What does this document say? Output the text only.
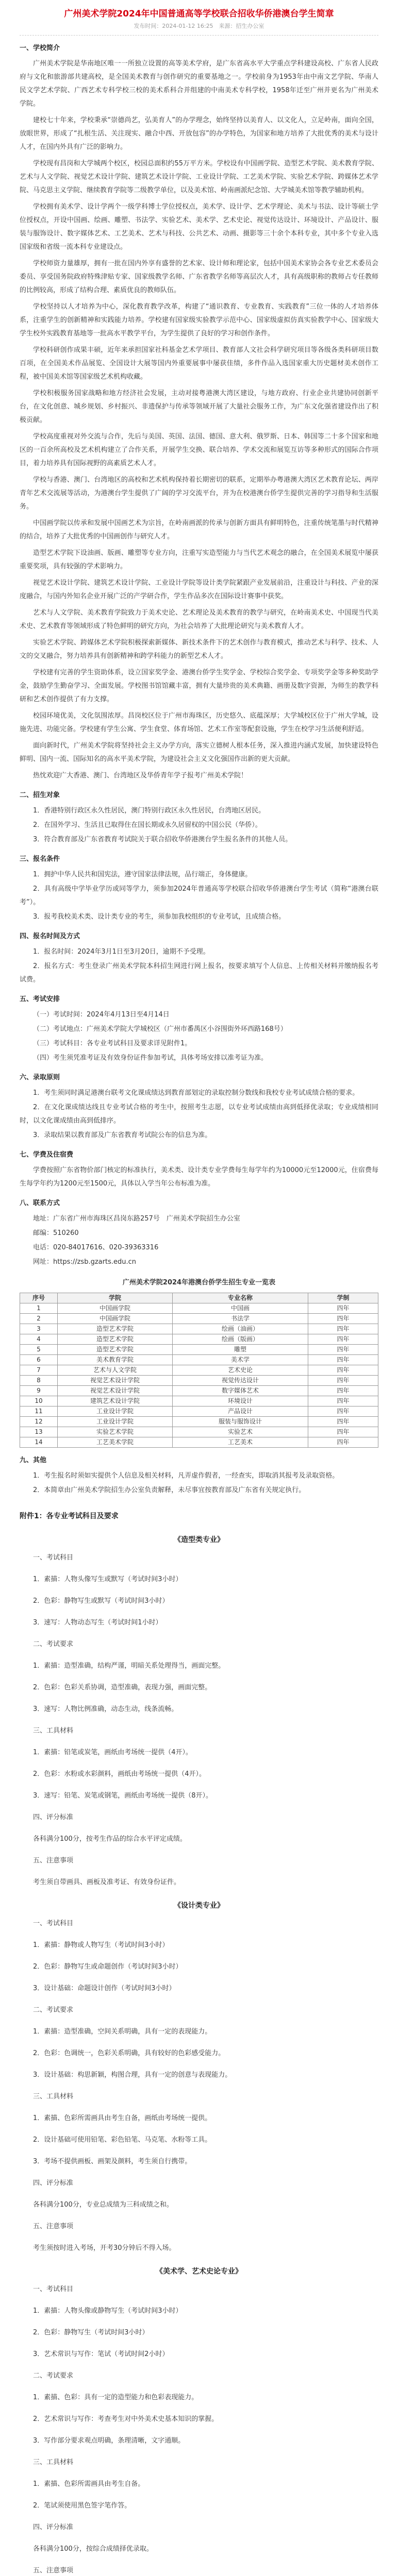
广州美术学院2024年中国普通高等学校联合招收华侨港澳台学生简章
发布时间：2024-01-12 16:25　来源：招生办公室
一、学校简介

广州美术学院是华南地区唯一一所独立设置的高等美术学府，是广东省高水平大学重点学科建设高校、广东省人民政府与文化和旅游部共建高校，是全国美术教育与创作研究的重要基地之一。学校前身为1953年由中南文艺学院、华南人民文学艺术学院、广西艺术专科学校三校的美术系科合并组建的中南美术专科学校，1958年迁至广州并更名为广州美术学院。

建校七十年来，学校秉承“崇德尚艺，弘美育人”的办学理念，始终坚持以美育人、以文化人，立足岭南，面向全国，放眼世界，形成了“扎根生活、关注现实、融合中西、开放包容”的办学特色，为国家和地方培养了大批优秀的美术与设计人才，在国内外具有广泛的影响力。

学校现有昌岗和大学城两个校区，校园总面积约55万平方米。学校设有中国画学院、造型艺术学院、美术教育学院、艺术与人文学院、视觉艺术设计学院、建筑艺术设计学院、工业设计学院、工艺美术学院、实验艺术学院、跨媒体艺术学院、马克思主义学院、继续教育学院等二级教学单位，以及美术馆、岭南画派纪念馆、大学城美术馆等教学辅助机构。

学校拥有美术学、设计学两个一级学科博士学位授权点，美术学、设计学、艺术学理论、美术与书法、设计等硕士学位授权点，开设中国画、绘画、雕塑、书法学、实验艺术、美术学、艺术史论、视觉传达设计、环境设计、产品设计、服装与服饰设计、数字媒体艺术、工艺美术、艺术与科技、公共艺术、动画、摄影等三十余个本科专业，其中多个专业入选国家级和省级一流本科专业建设点。

学校师资力量雄厚，拥有一批在国内外享有盛誉的艺术家、设计师和理论家，包括中国美术家协会各专业艺术委员会委员、享受国务院政府特殊津贴专家、国家级教学名师、广东省教学名师等高层次人才，具有高级职称的教师占专任教师的比例较高，形成了结构合理、素质优良的教师队伍。

学校坚持以人才培养为中心，深化教育教学改革，构建了“通识教育、专业教育、实践教育”三位一体的人才培养体系，注重学生的创新精神和实践能力培养。学校建有国家级实验教学示范中心、国家级虚拟仿真实验教学中心、国家级大学生校外实践教育基地等一批高水平教学平台，为学生提供了良好的学习和创作条件。

学校科研创作成果丰硕，近年来承担国家社科基金艺术学项目、教育部人文社会科学研究项目等各级各类科研项目数百项，在全国美术作品展览、全国设计大展等国内外重要展事中屡获佳绩，多件作品入选国家重大历史题材美术创作工程，被中国美术馆等国家级艺术机构收藏。

学校积极服务国家战略和地方经济社会发展，主动对接粤港澳大湾区建设，与地方政府、行业企业共建协同创新平台，在文化创意、城乡规划、乡村振兴、非遗保护与传承等领域开展了大量社会服务工作，为广东文化强省建设作出了积极贡献。

学校高度重视对外交流与合作，先后与美国、英国、法国、德国、意大利、俄罗斯、日本、韩国等二十多个国家和地区的一百余所高校及艺术机构建立了合作关系，开展学生交换、联合培养、学术交流和展览互访等多种形式的国际合作项目，着力培养具有国际视野的高素质艺术人才。

学校与香港、澳门、台湾地区的高校和艺术机构保持着长期密切的联系，定期举办粤港澳大湾区艺术教育论坛、两岸青年艺术交流展等活动，为港澳台学生提供了广阔的学习交流平台，并为在校港澳台侨学生提供完善的学习指导和生活服务。

中国画学院以传承和发展中国画艺术为宗旨，在岭南画派的传承与创新方面具有鲜明特色，注重传统笔墨与时代精神的结合，培养了大批优秀的中国画创作与研究人才。

造型艺术学院下设油画、版画、雕塑等专业方向，注重写实造型能力与当代艺术观念的融合，在全国美术展览中屡获重要奖项，具有较强的学术影响力。

视觉艺术设计学院、建筑艺术设计学院、工业设计学院等设计类学院紧跟产业发展前沿，注重设计与科技、产业的深度融合，与国内外知名企业开展广泛的产学研合作，学生作品多次在国际设计赛事中获奖。

艺术与人文学院、美术教育学院致力于美术史论、艺术理论及美术教育的教学与研究，在岭南美术史、中国现当代美术史、艺术教育等领域形成了特色鲜明的研究方向，为社会培养了大批理论研究与美术教育人才。

实验艺术学院、跨媒体艺术学院积极探索新媒体、新技术条件下的艺术创作与教育模式，推动艺术与科学、技术、人文的交叉融合，努力培养具有创新精神和跨学科能力的新型艺术人才。

学校建有完善的学生资助体系，设立国家奖学金、港澳台侨学生奖学金、学校综合奖学金、专项奖学金等多种奖助学金，鼓励学生勤奋学习、全面发展。学校图书馆馆藏丰富，拥有大量珍贵的美术典籍、画册及数字资源，为师生的教学科研和艺术创作提供了有力支撑。

校园环境优美，文化氛围浓厚。昌岗校区位于广州市海珠区，历史悠久、底蕴深厚；大学城校区位于广州大学城，设施先进、功能完备。学校建有学生公寓、学生食堂、体育场馆、艺术工作室等配套设施，学生在校学习生活便利舒适。

面向新时代，广州美术学院将坚持社会主义办学方向，落实立德树人根本任务，深入推进内涵式发展，加快建设特色鲜明、国内一流、国际知名的高水平美术学院，为建设社会主义文化强国作出新的更大贡献。

热忱欢迎广大香港、澳门、台湾地区及华侨青年学子报考广州美术学院！

二、招生对象

1．香港特别行政区永久性居民，澳门特别行政区永久性居民，台湾地区居民。

2．在国外学习、生活且已取得住在国长期或永久居留权的中国公民（华侨）。

3．符合教育部及广东省教育考试院关于联合招收华侨港澳台学生报名条件的其他人员。

三、报名条件

1．拥护中华人民共和国宪法，遵守国家法律法规，品行端正，身体健康。

2．具有高级中学毕业学历或同等学力，须参加2024年普通高等学校联合招收华侨港澳台学生考试（简称“港澳台联考”）。

3．报考我校美术类、设计类专业的考生，须参加我校组织的专业考试，且成绩合格。

四、报名时间及方式

1．报名时间：2024年3月1日至3月20日，逾期不予受理。

2．报名方式：考生登录广州美术学院本科招生网进行网上报名，按要求填写个人信息、上传相关材料并缴纳报名考试费。

五、考试安排

（一）考试时间：2024年4月13日至4月14日

（二）考试地点：广州美术学院大学城校区（广州市番禺区小谷围街外环西路168号）

（三）考试科目：各专业考试科目及要求详见附件1。

（四）考生须凭准考证及有效身份证件参加考试，具体考场安排以准考证为准。

六、录取原则

1．考生须同时满足港澳台联考文化课成绩达到教育部划定的录取控制分数线和我校专业考试成绩合格的要求。

2．在文化课成绩达线且专业考试合格的考生中，按照考生志愿，以专业考试成绩由高到低择优录取；专业成绩相同时，以文化课成绩由高到低排序。

3．录取结果以教育部及广东省教育考试院公布的信息为准。

七、学费及住宿费

学费按照广东省物价部门核定的标准执行，美术类、设计类专业学费每生每学年约为10000元至12000元，住宿费每生每学年约为1200元至1500元，具体以入学当年公布标准为准。

八、联系方式

地址：广东省广州市海珠区昌岗东路257号　广州美术学院招生办公室

邮编：510260

电话：020-84017616、020-39363316

网址：https://zsb.gzarts.edu.cn

广州美术学院2024年港澳台侨学生招生专业一览表
序号	学院	专业名称	学制
1	中国画学院	中国画	四年
2	中国画学院	书法学	四年
3	造型艺术学院	绘画（油画）	四年
4	造型艺术学院	绘画（版画）	四年
5	造型艺术学院	雕塑	四年
6	美术教育学院	美术学	四年
7	艺术与人文学院	艺术史论	四年
8	视觉艺术设计学院	视觉传达设计	四年
9	视觉艺术设计学院	数字媒体艺术	四年
10	建筑艺术设计学院	环境设计	四年
11	工业设计学院	产品设计	四年
12	工业设计学院	服装与服饰设计	四年
13	实验艺术学院	实验艺术	四年
14	工艺美术学院	工艺美术	四年
九、其他

1．考生报名时须如实提供个人信息及相关材料，凡弄虚作假者，一经查实，即取消其报考及录取资格。

2．本简章由广州美术学院招生办公室负责解释，未尽事宜按教育部及广东省有关规定执行。

附件1：各专业考试科目及要求
《造型类专业》

一、考试科目

1．素描：人物头像写生或默写（考试时间3小时）

2．色彩：静物写生或默写（考试时间3小时）

3．速写：人物动态写生（考试时间1小时）

二、考试要求

1．素描：造型准确，结构严谨，明暗关系处理得当，画面完整。

2．色彩：色彩关系协调，造型准确，表现力强，画面完整。

3．速写：人物比例准确，动态生动，线条流畅。

三、工具材料

1．素描：铅笔或炭笔，画纸由考场统一提供（4开）。

2．色彩：水粉或水彩颜料，画纸由考场统一提供（4开）。

3．速写：铅笔、炭笔或钢笔，画纸由考场统一提供（8开）。

四、评分标准

各科满分100分，按考生作品的综合水平评定成绩。

五、注意事项

考生须自带画具、画板及准考证、有效身份证件。

《设计类专业》

一、考试科目

1．素描：静物或人物写生（考试时间3小时）

2．色彩：静物写生或命题创作（考试时间3小时）

3．设计基础：命题设计创作（考试时间3小时）

二、考试要求

1．素描：造型准确，空间关系明确，具有一定的表现能力。

2．色彩：色调统一，色彩关系明确，具有较好的色彩感受能力。

3．设计基础：构思新颖，构图合理，具有一定的创意与表现能力。

三、工具材料

1．素描、色彩所需画具由考生自备，画纸由考场统一提供。

2．设计基础可使用铅笔、彩色铅笔、马克笔、水粉等工具。

3．考场不提供画板、画架及颜料，考生须自行携带。

四、评分标准

各科满分100分，专业总成绩为三科成绩之和。

五、注意事项

考生须按时进入考场，开考30分钟后不得入场。

《美术学、艺术史论专业》

一、考试科目

1．素描：人物头像或静物写生（考试时间3小时）

2．色彩：静物写生（考试时间3小时）

3．艺术常识与写作：笔试（考试时间2小时）

二、考试要求

1．素描、色彩：具有一定的造型能力和色彩表现能力。

2．艺术常识与写作：考查考生对中外美术史基本知识的掌握。

3．写作部分要求观点明确，条理清晰，文字通顺。

三、工具材料

1．素描、色彩所需画具由考生自备。

2．笔试须使用黑色签字笔作答。

四、评分标准

各科满分100分，按综合成绩择优录取。

五、注意事项
